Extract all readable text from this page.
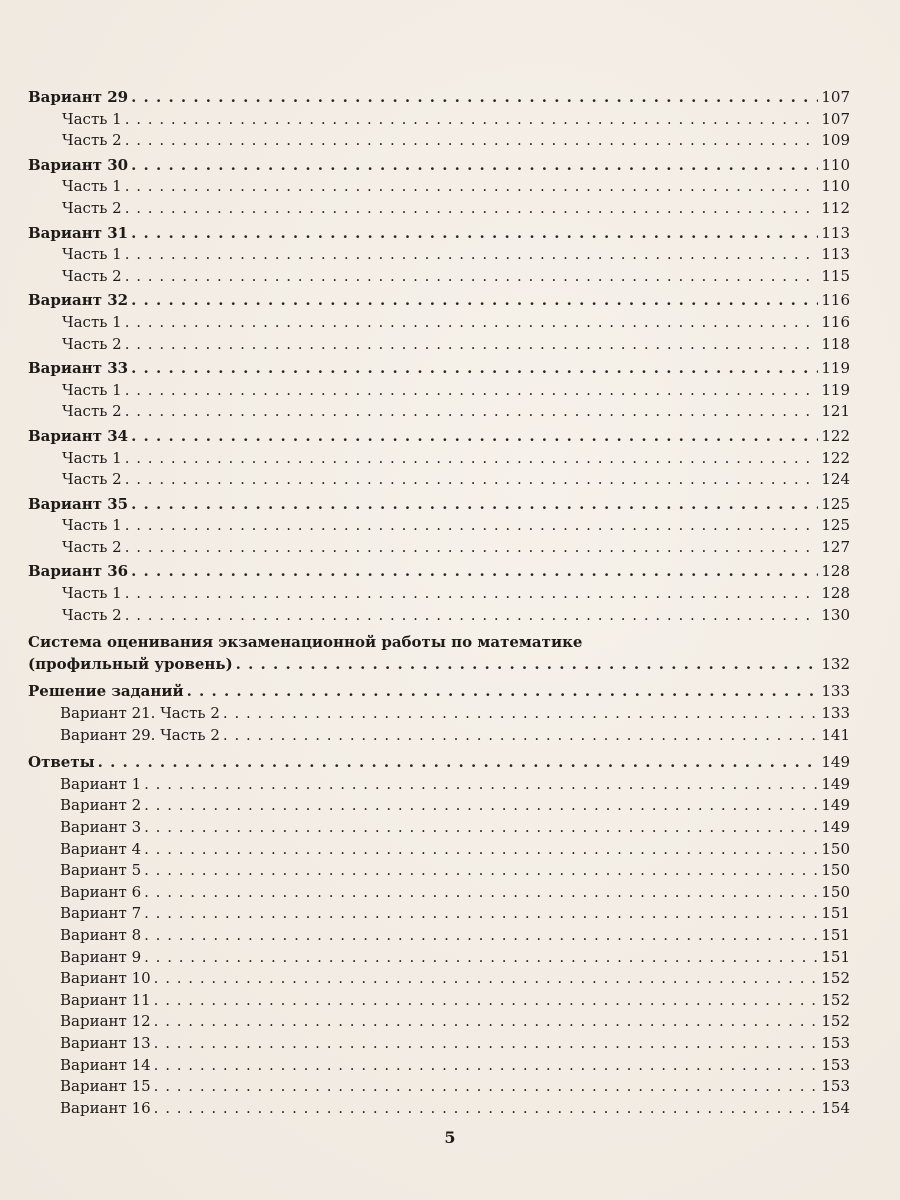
Вариант 29 . . .	107
Часть 1 . . .	107
Часть 2 . . .	109
Вариант 30 . . .	110
Часть 1 . . .	110
Часть 2 . . .	112
Вариант 31 . . .	113
Часть 1 . . .	113
Часть 2 . . .	115
Вариант 32 . . .	116
Часть 1 . . .	116
Часть 2 . . .	118
Вариант 33 . . .	119
Часть 1 . . .	119
Часть 2 . . .	121
Вариант 34 . . .	122
Часть 1 . . .	122
Часть 2 . . .	124
Вариант 35 . . .	125
Часть 1 . . .	125
Часть 2 . . .	127
Вариант 36 . . .	128
Часть 1 . . .	128
Часть 2 . . .	130
Система оценивания экзаменационной работы по математике
(профильный уровень) . . .	132
Решение заданий . . .	133
Вариант 21. Часть 2 . . .	133
Вариант 29. Часть 2 . . .	141
Ответы . . .	149
Вариант 1 . . .	149
Вариант 2 . . .	149
Вариант 3 . . .	149
Вариант 4 . . .	150
Вариант 5 . . .	150
Вариант 6 . . .	150
Вариант 7 . . .	151
Вариант 8 . . .	151
Вариант 9 . . .	151
Вариант 10 . . .	152
Вариант 11 . . .	152
Вариант 12 . . .	152
Вариант 13 . . .	153
Вариант 14 . . .	153
Вариант 15 . . .	153
Вариант 16 . . .	154
5
